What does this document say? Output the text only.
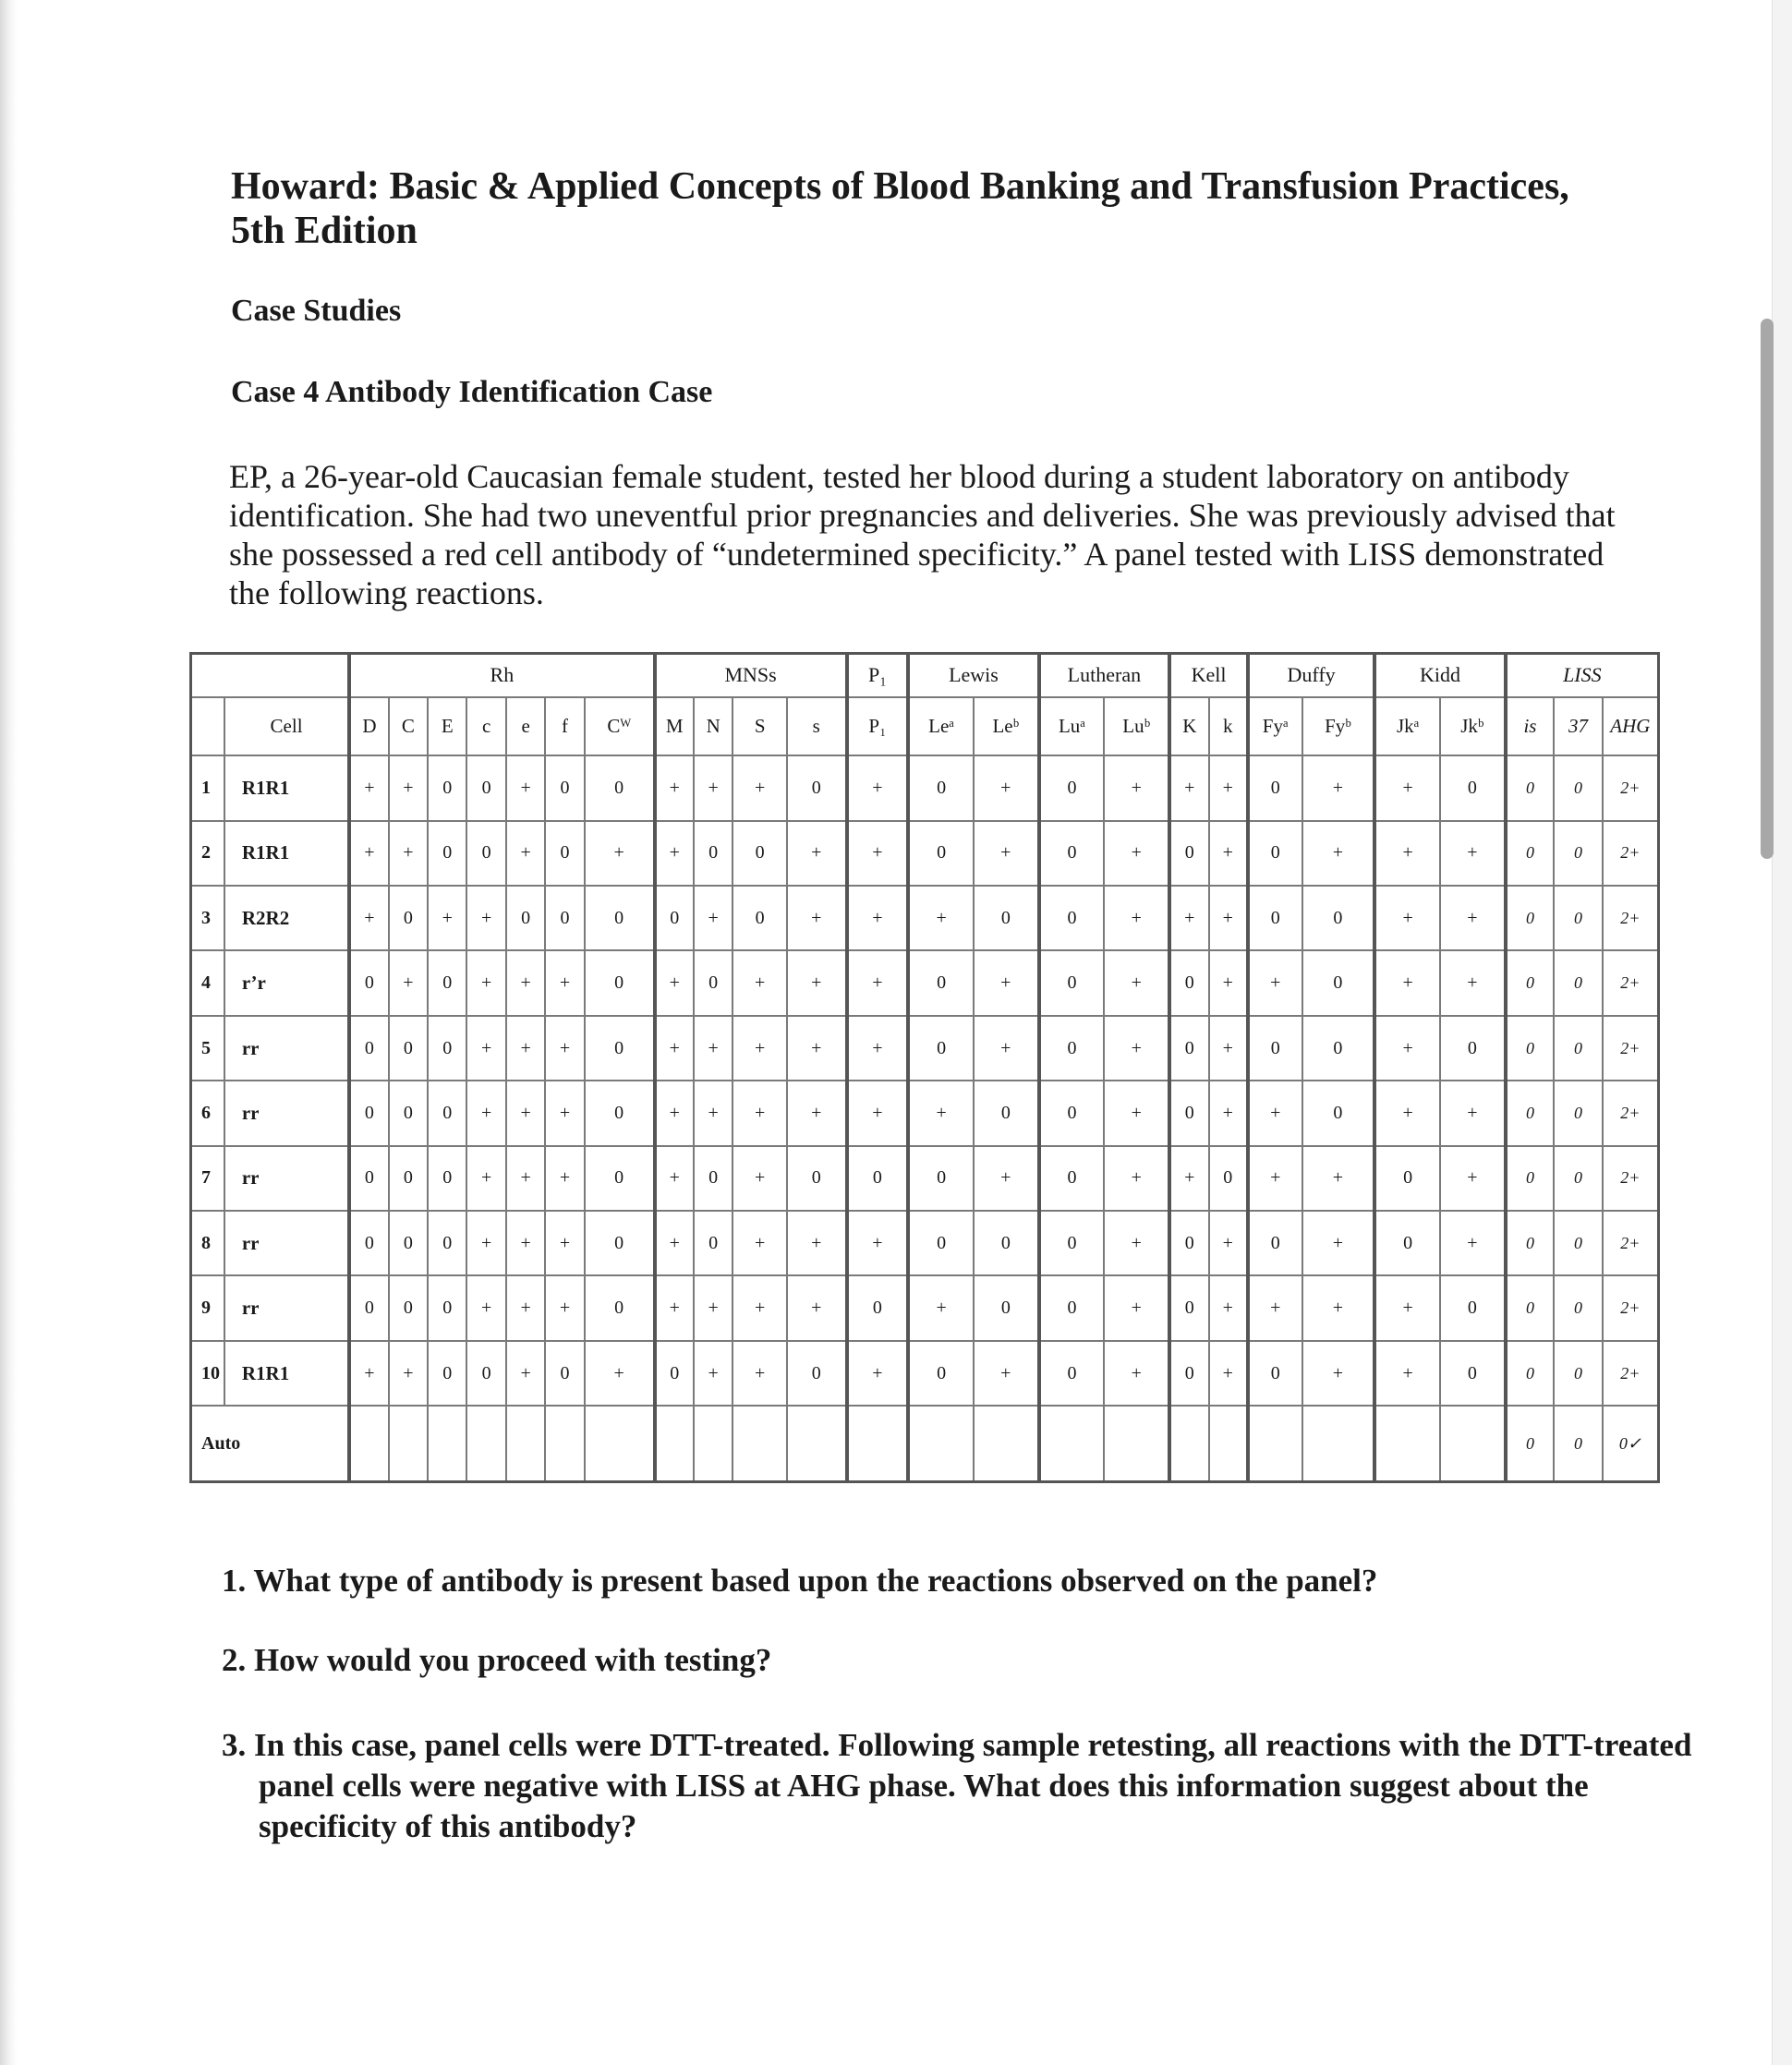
Howard: Basic & Applied Concepts of Blood Banking and Transfusion Practices,
5th Edition

Case Studies

Case 4 Antibody Identification Case

EP, a 26-year-old Caucasian female student, tested her blood during a student laboratory on antibody identification. She had two uneventful prior pregnancies and deliveries. She was previously advised that she possessed a red cell antibody of “undetermined specificity.” A panel tested with LISS demonstrated the following reactions.

		Rh							MNSs				P₁	Lewis		Lutheran		Kell		Duffy		Kidd		LISS		
	Cell	D	C	E	c	e	f	Cᵂ	M	N	S	s	P₁	Leᵃ	Leᵇ	Luᵃ	Luᵇ	K	k	Fyᵃ	Fyᵇ	Jkᵃ	Jkᵇ	is	37	AHG
1	R1R1	+	+	0	0	+	0	0	+	+	+	0	+	0	+	0	+	+	+	0	+	+	0	0	0	2+
2	R1R1	+	+	0	0	+	0	+	+	0	0	+	+	0	+	0	+	0	+	0	+	+	+	0	0	2+
3	R2R2	+	0	+	+	0	0	0	0	+	0	+	+	+	0	0	+	+	+	0	0	+	+	0	0	2+
4	r’r	0	+	0	+	+	+	0	+	0	+	+	+	0	+	0	+	0	+	+	0	+	+	0	0	2+
5	rr	0	0	0	+	+	+	0	+	+	+	+	+	0	+	0	+	0	+	0	0	+	0	0	0	2+
6	rr	0	0	0	+	+	+	0	+	+	+	+	+	+	0	0	+	0	+	+	0	+	+	0	0	2+
7	rr	0	0	0	+	+	+	0	+	0	+	0	0	0	+	0	+	+	0	+	+	0	+	0	0	2+
8	rr	0	0	0	+	+	+	0	+	0	+	+	+	0	0	0	+	0	+	0	+	0	+	0	0	2+
9	rr	0	0	0	+	+	+	0	+	+	+	+	0	+	0	0	+	0	+	+	+	+	0	0	0	2+
10	R1R1	+	+	0	0	+	0	+	0	+	+	0	+	0	+	0	+	0	+	0	+	+	0	0	0	2+
Auto																								0	0	0✓

1. What type of antibody is present based upon the reactions observed on the panel?

2. How would you proceed with testing?

3. In this case, panel cells were DTT-treated. Following sample retesting, all reactions with the DTT-treated panel cells were negative with LISS at AHG phase. What does this information suggest about the specificity of this antibody?
